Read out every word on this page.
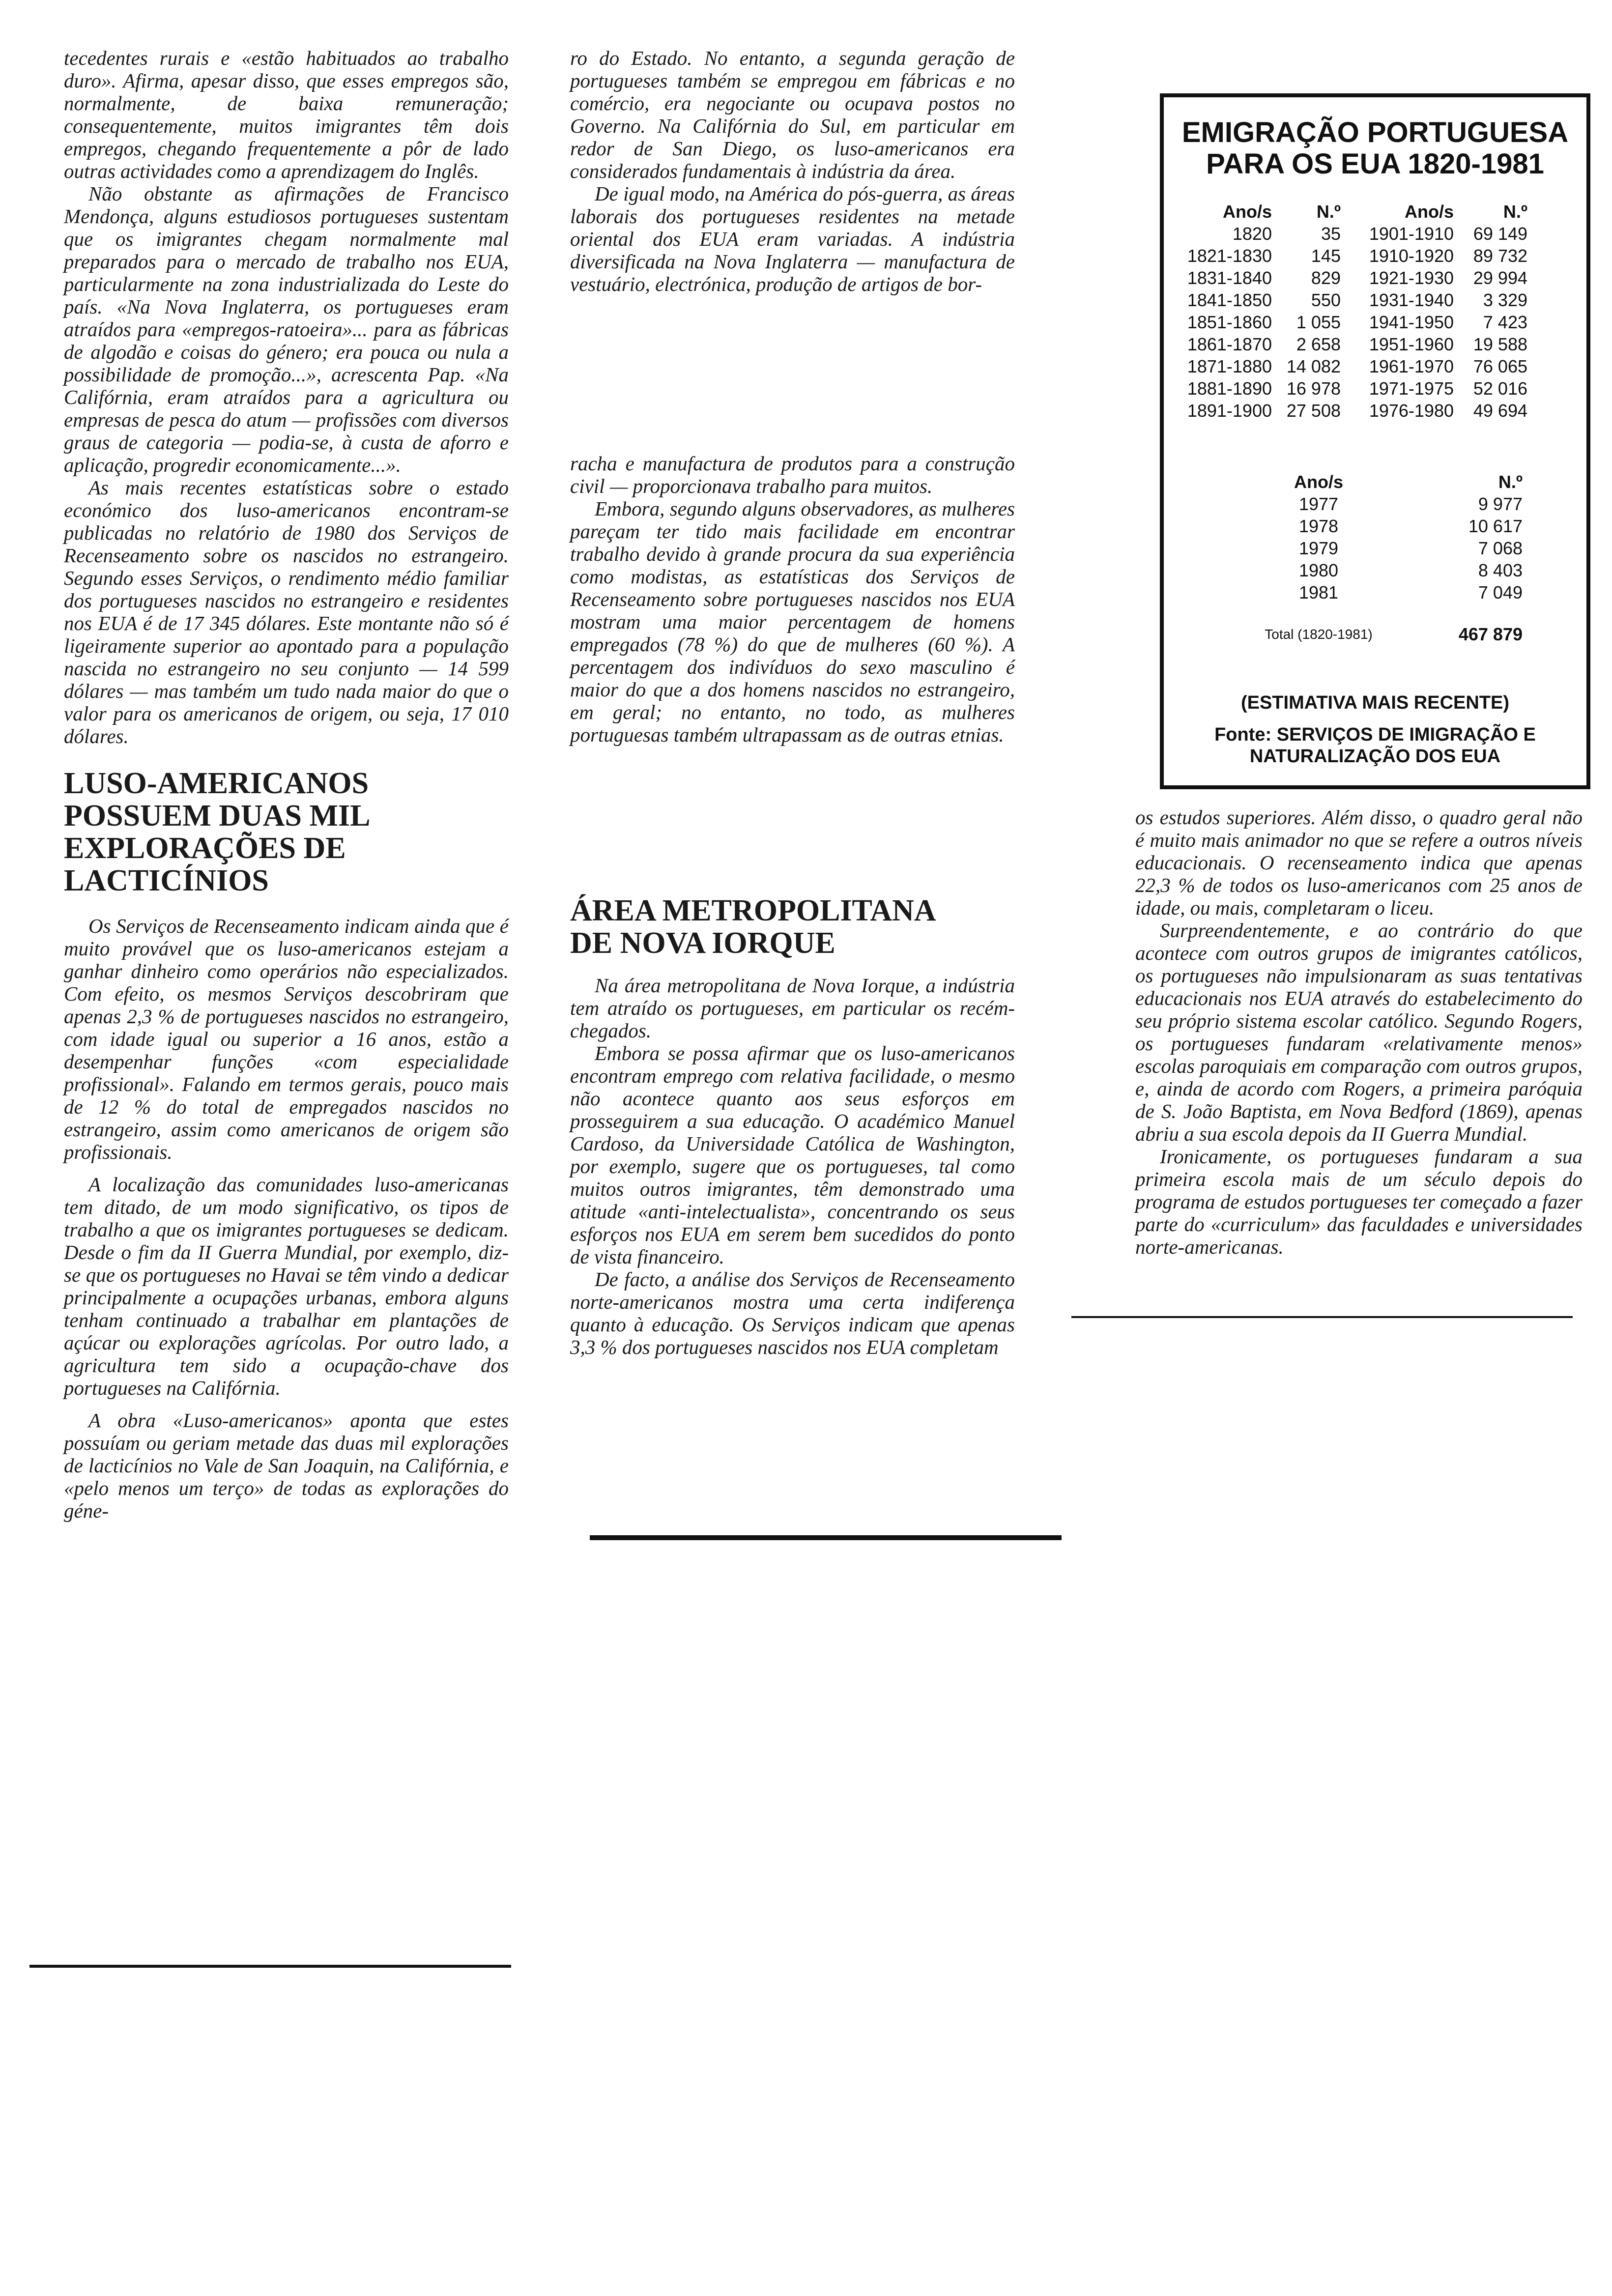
tecedentes rurais e «estão habituados ao trabalho duro». Afirma, apesar disso, que esses empregos são, normalmente, de baixa remuneração; consequentemente, muitos imigrantes têm dois empregos, chegando frequentemente a pôr de lado outras actividades como a aprendizagem do Inglês.

Não obstante as afirmações de Francisco Mendonça, alguns estudiosos portugueses sustentam que os imigrantes chegam normalmente mal preparados para o mercado de trabalho nos EUA, particularmente na zona industrializada do Leste do país. «Na Nova Inglaterra, os portugueses eram atraídos para «empregos-ratoeira»... para as fábricas de algodão e coisas do género; era pouca ou nula a possibilidade de promoção...», acrescenta Pap. «Na Califórnia, eram atraídos para a agricultura ou empresas de pesca do atum — profissões com diversos graus de categoria — podia-se, à custa de aforro e aplicação, progredir economicamente...».

As mais recentes estatísticas sobre o estado económico dos luso-americanos encontram-se publicadas no relatório de 1980 dos Serviços de Recenseamento sobre os nascidos no estrangeiro. Segundo esses Serviços, o rendimento médio familiar dos portugueses nascidos no estrangeiro e residentes nos EUA é de 17 345 dólares. Este montante não só é ligeiramente superior ao apontado para a população nascida no estrangeiro no seu conjunto — 14 599 dólares — mas também um tudo nada maior do que o valor para os americanos de origem, ou seja, 17 010 dólares.

LUSO-AMERICANOS POSSUEM DUAS MIL EXPLORAÇÕES DE LACTICÍNIOS

Os Serviços de Recenseamento indicam ainda que é muito provável que os luso-americanos estejam a ganhar dinheiro como operários não especializados. Com efeito, os mesmos Serviços descobriram que apenas 2,3 % de portugueses nascidos no estrangeiro, com idade igual ou superior a 16 anos, estão a desempenhar funções «com especialidade profissional». Falando em termos gerais, pouco mais de 12 % do total de empregados nascidos no estrangeiro, assim como americanos de origem são profissionais.

A localização das comunidades luso-americanas tem ditado, de um modo significativo, os tipos de trabalho a que os imigrantes portugueses se dedicam. Desde o fim da II Guerra Mundial, por exemplo, diz-se que os portugueses no Havai se têm vindo a dedicar principalmente a ocupações urbanas, embora alguns tenham continuado a trabalhar em plantações de açúcar ou explorações agrícolas. Por outro lado, a agricultura tem sido a ocupação-chave dos portugueses na Califórnia.

A obra «Luso-americanos» aponta que estes possuíam ou geriam metade das duas mil explorações de lacticínios no Vale de San Joaquin, na Califórnia, e «pelo menos um terço» de todas as explorações do géne-

ro do Estado. No entanto, a segunda geração de portugueses também se empregou em fábricas e no comércio, era negociante ou ocupava postos no Governo. Na Califórnia do Sul, em particular em redor de San Diego, os luso-americanos era considerados fundamentais à indústria da área.

De igual modo, na América do pós-guerra, as áreas laborais dos portugueses residentes na metade oriental dos EUA eram variadas. A indústria diversificada na Nova Inglaterra — manufactura de vestuário, electrónica, produção de artigos de bor-

racha e manufactura de produtos para a construção civil — proporcionava trabalho para muitos.

Embora, segundo alguns observadores, as mulheres pareçam ter tido mais facilidade em encontrar trabalho devido à grande procura da sua experiência como modistas, as estatísticas dos Serviços de Recenseamento sobre portugueses nascidos nos EUA mostram uma maior percentagem de homens empregados (78 %) do que de mulheres (60 %). A percentagem dos indivíduos do sexo masculino é maior do que a dos homens nascidos no estrangeiro, em geral; no entanto, no todo, as mulheres portuguesas também ultrapassam as de outras etnias.

ÁREA METROPOLITANA DE NOVA IORQUE

Na área metropolitana de Nova Iorque, a indústria tem atraído os portugueses, em particular os recém-chegados.

Embora se possa afirmar que os luso-americanos encontram emprego com relativa facilidade, o mesmo não acontece quanto aos seus esforços em prosseguirem a sua educação. O académico Manuel Cardoso, da Universidade Católica de Washington, por exemplo, sugere que os portugueses, tal como muitos outros imigrantes, têm demonstrado uma atitude «anti-intelectualista», concentrando os seus esforços nos EUA em serem bem sucedidos do ponto de vista financeiro.

De facto, a análise dos Serviços de Recenseamento norte-americanos mostra uma certa indiferença quanto à educação. Os Serviços indicam que apenas 3,3 % dos portugueses nascidos nos EUA completam

EMIGRAÇÃO PORTUGUESA
PARA OS EUA 1820-1981
Ano/s	N.º	Ano/s	N.º
1820	35	1901-1910	69 149
1821-1830	145	1910-1920	89 732
1831-1840	829	1921-1930	29 994
1841-1850	550	1931-1940	3 329
1851-1860	1 055	1941-1950	7 423
1861-1870	2 658	1951-1960	19 588
1871-1880 14 082	1961-1970	76 065
1881-1890 16 978	1971-1975	52 016
1891-1900 27 508	1976-1980	49 694
Ano/s	N.º
1977	9 977
1978	10 617
1979	7 068
1980	8 403
1981	7 049
Total (1820-1981)	467 879
(ESTIMATIVA MAIS RECENTE)
Fonte: SERVIÇOS DE IMIGRAÇÃO E NATURALIZAÇÃO DOS EUA

os estudos superiores. Além disso, o quadro geral não é muito mais animador no que se refere a outros níveis educacionais. O recenseamento indica que apenas 22,3 % de todos os luso-americanos com 25 anos de idade, ou mais, completaram o liceu.

Surpreendentemente, e ao contrário do que acontece com outros grupos de imigrantes católicos, os portugueses não impulsionaram as suas tentativas educacionais nos EUA através do estabelecimento do seu próprio sistema escolar católico. Segundo Rogers, os portugueses fundaram «relativamente menos» escolas paroquiais em comparação com outros grupos, e, ainda de acordo com Rogers, a primeira paróquia de S. João Baptista, em Nova Bedford (1869), apenas abriu a sua escola depois da II Guerra Mundial.

Ironicamente, os portugueses fundaram a sua primeira escola mais de um século depois do programa de estudos portugueses ter começado a fazer parte do «curriculum» das faculdades e universidades norte-americanas.
